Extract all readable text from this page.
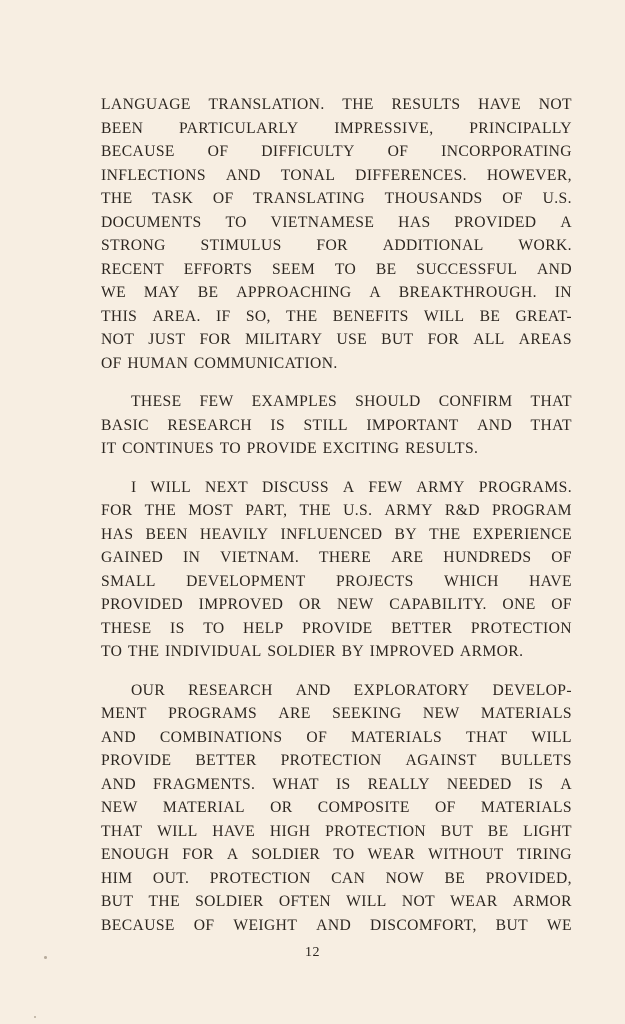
LANGUAGE TRANSLATION. THE RESULTS HAVE NOT
BEEN PARTICULARLY IMPRESSIVE, PRINCIPALLY
BECAUSE OF DIFFICULTY OF INCORPORATING
INFLECTIONS AND TONAL DIFFERENCES. HOWEVER,
THE TASK OF TRANSLATING THOUSANDS OF U.S.
DOCUMENTS TO VIETNAMESE HAS PROVIDED A
STRONG STIMULUS FOR ADDITIONAL WORK.
RECENT EFFORTS SEEM TO BE SUCCESSFUL AND
WE MAY BE APPROACHING A BREAKTHROUGH. IN
THIS AREA. IF SO, THE BENEFITS WILL BE GREAT-
NOT JUST FOR MILITARY USE BUT FOR ALL AREAS
OF HUMAN COMMUNICATION.
THESE FEW EXAMPLES SHOULD CONFIRM THAT
BASIC RESEARCH IS STILL IMPORTANT AND THAT
IT CONTINUES TO PROVIDE EXCITING RESULTS.
I WILL NEXT DISCUSS A FEW ARMY PROGRAMS.
FOR THE MOST PART, THE U.S. ARMY R&D PROGRAM
HAS BEEN HEAVILY INFLUENCED BY THE EXPERIENCE
GAINED IN VIETNAM. THERE ARE HUNDREDS OF
SMALL DEVELOPMENT PROJECTS WHICH HAVE
PROVIDED IMPROVED OR NEW CAPABILITY. ONE OF
THESE IS TO HELP PROVIDE BETTER PROTECTION
TO THE INDIVIDUAL SOLDIER BY IMPROVED ARMOR.
OUR RESEARCH AND EXPLORATORY DEVELOP-
MENT PROGRAMS ARE SEEKING NEW MATERIALS
AND COMBINATIONS OF MATERIALS THAT WILL
PROVIDE BETTER PROTECTION AGAINST BULLETS
AND FRAGMENTS. WHAT IS REALLY NEEDED IS A
NEW MATERIAL OR COMPOSITE OF MATERIALS
THAT WILL HAVE HIGH PROTECTION BUT BE LIGHT
ENOUGH FOR A SOLDIER TO WEAR WITHOUT TIRING
HIM OUT. PROTECTION CAN NOW BE PROVIDED,
BUT THE SOLDIER OFTEN WILL NOT WEAR ARMOR
BECAUSE OF WEIGHT AND DISCOMFORT, BUT WE
12
